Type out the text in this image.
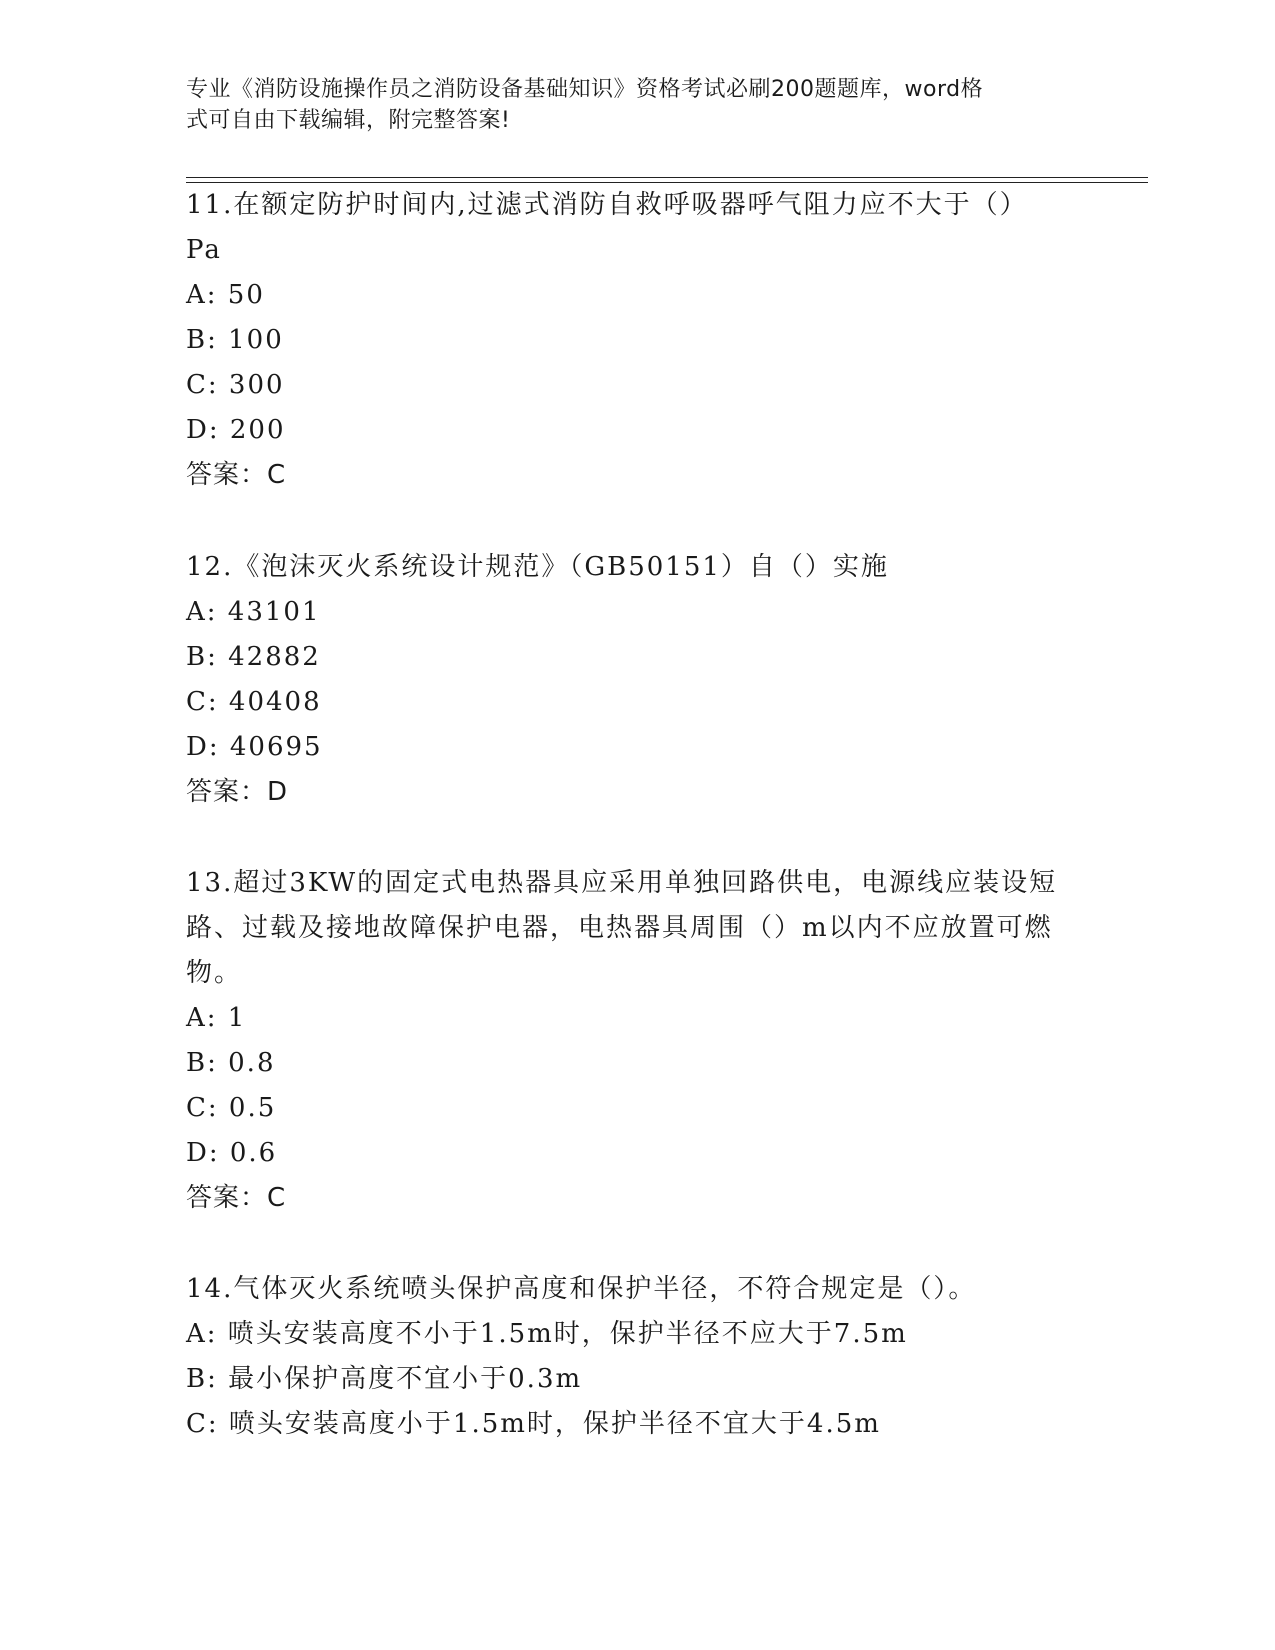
专业《消防设施操作员之消防设备基础知识》资格考试必刷200题题库，word格
式可自由下载编辑，附完整答案!
11.在额定防护时间内,过滤式消防自救呼吸器呼气阻力应不大于（）
Pa
A: 50
B: 100
C: 300
D: 200
答案：C
12.《泡沫灭火系统设计规范》（GB50151）自（）实施
A: 43101
B: 42882
C: 40408
D: 40695
答案：D
13.超过3KW的固定式电热器具应采用单独回路供电，电源线应装设短
路、过载及接地故障保护电器，电热器具周围（）m以内不应放置可燃
物。
A: 1
B: 0.8
C: 0.5
D: 0.6
答案：C
14.气体灭火系统喷头保护高度和保护半径，不符合规定是（）。
A: 喷头安装高度不小于1.5m时，保护半径不应大于7.5m
B: 最小保护高度不宜小于0.3m
C: 喷头安装高度小于1.5m时，保护半径不宜大于4.5m
